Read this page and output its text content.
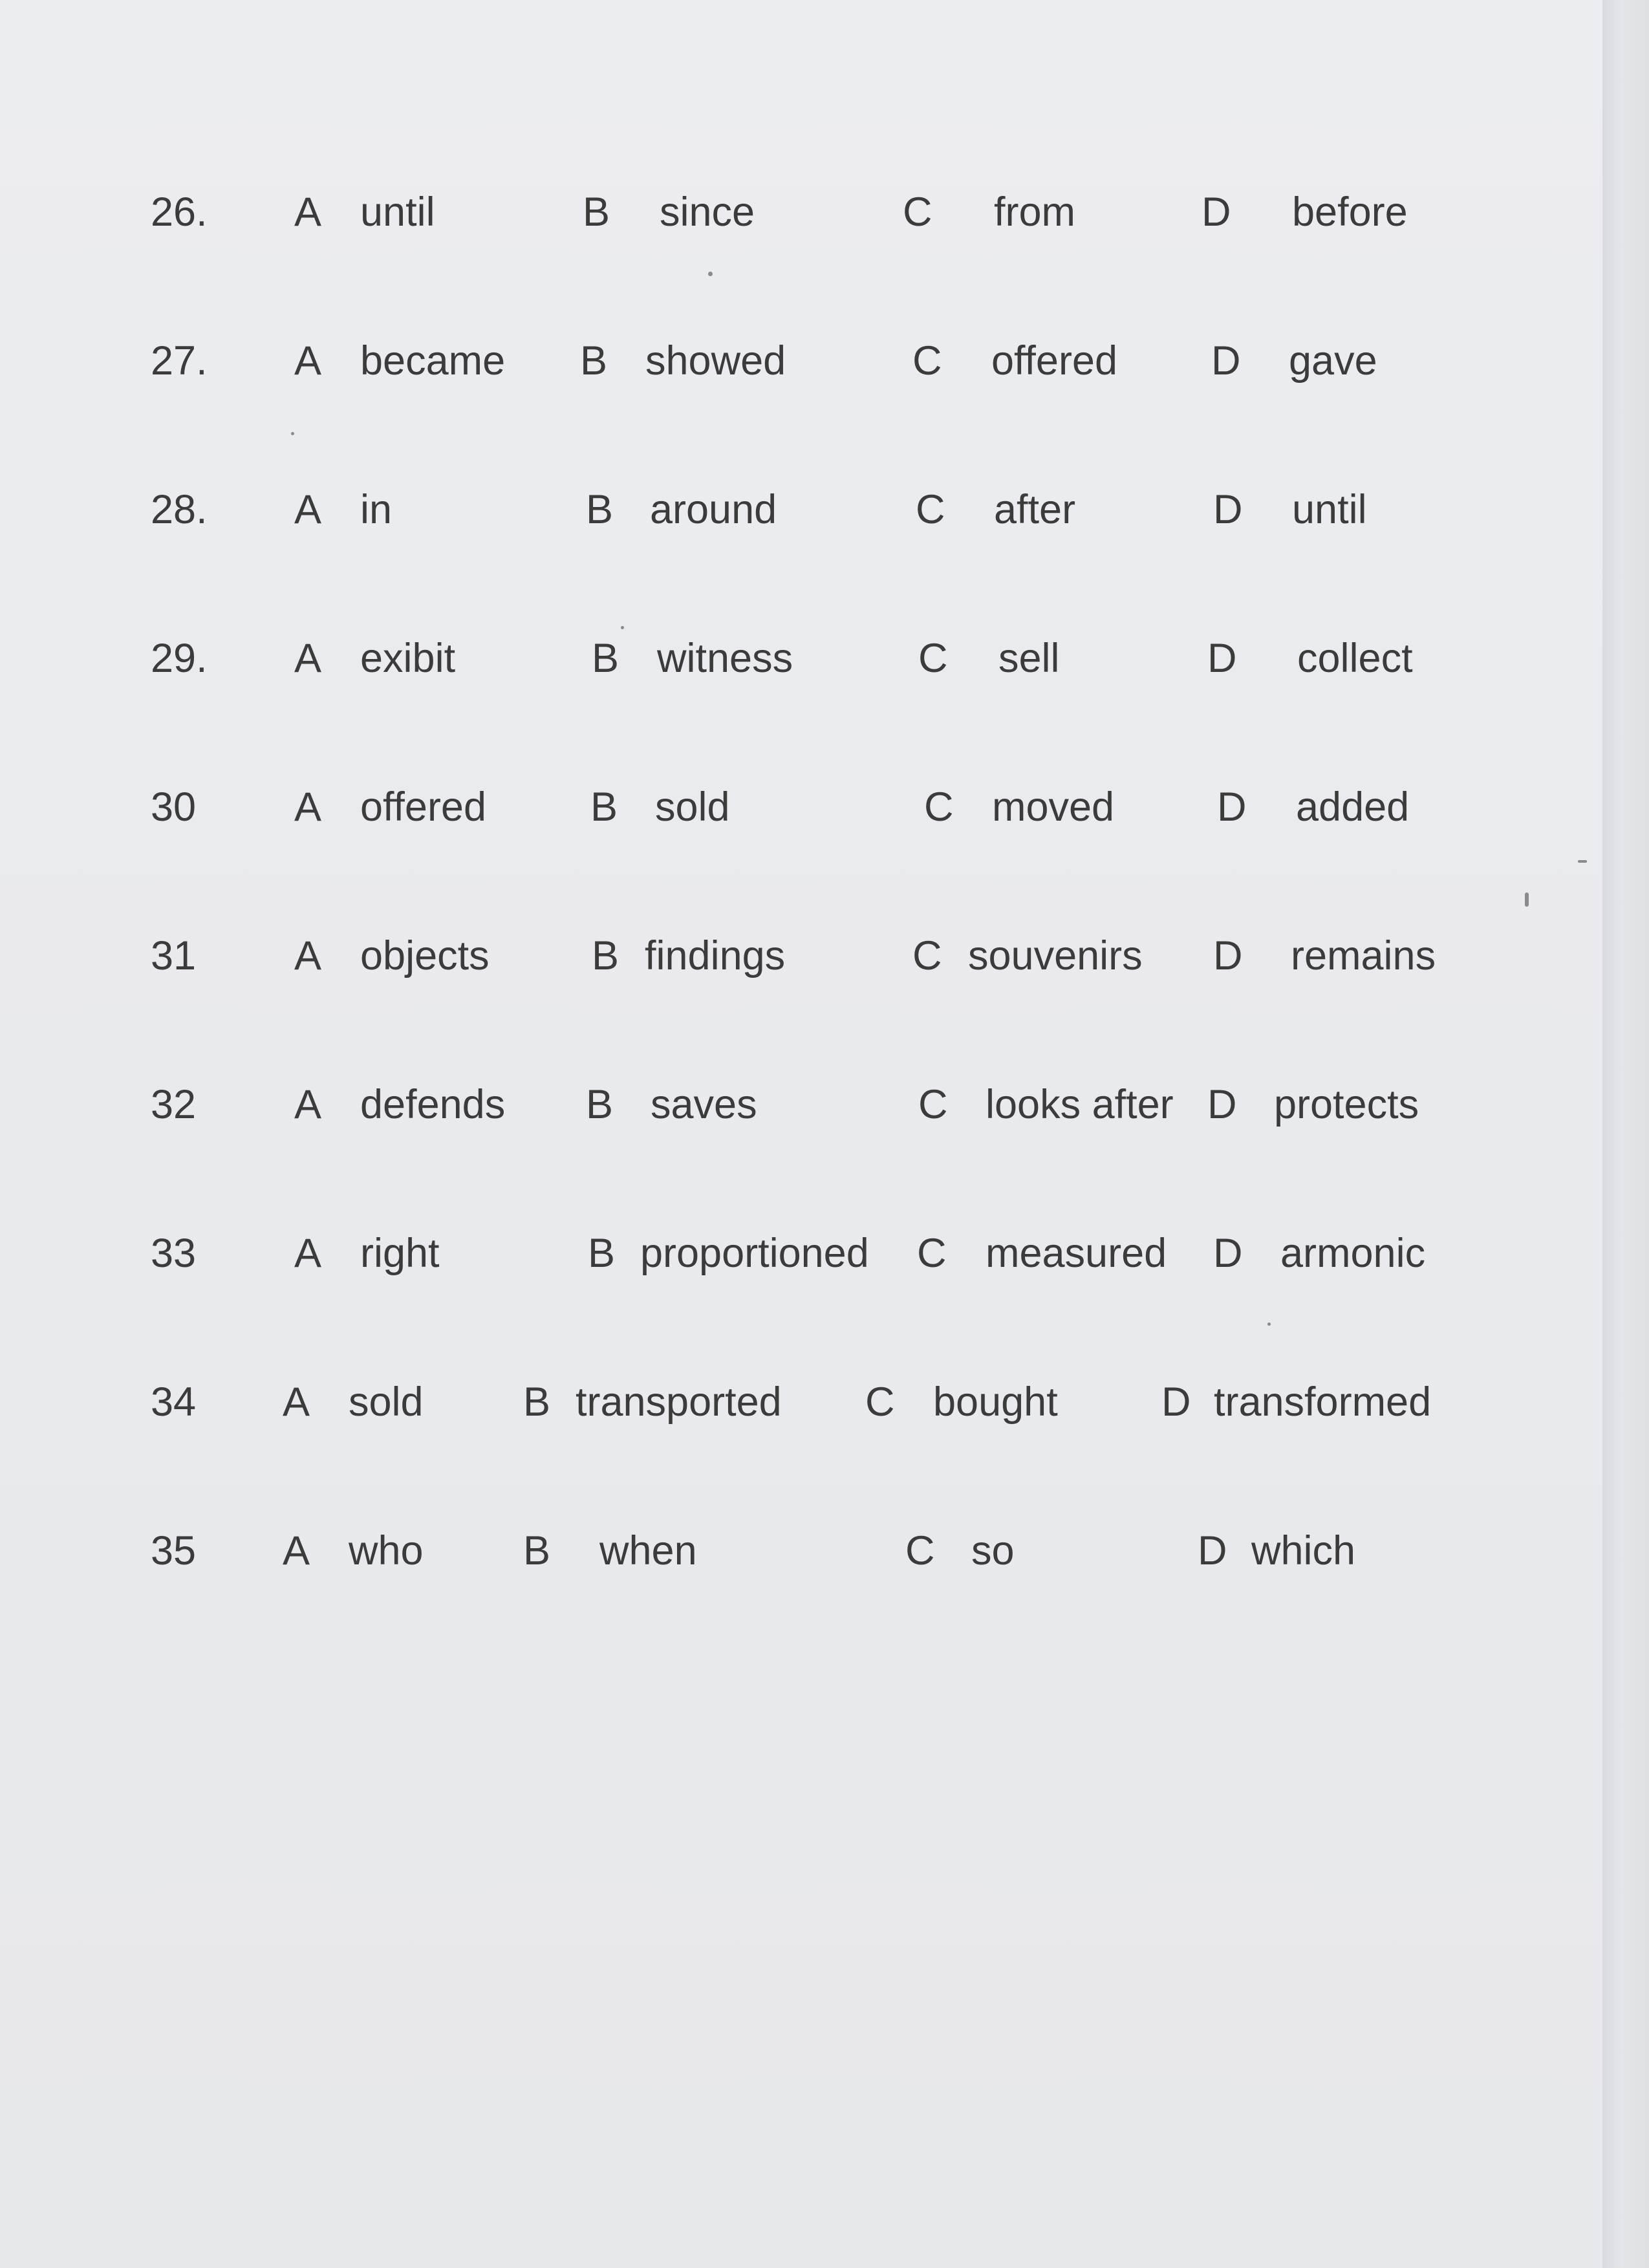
26. A until	B since	C from	D before
27. A became B showed	C offered D gave
28. A in	B around	C after	D until
29. A exibit	B witness	C sell	D collect
30 A offered	B sold	C moved	D added
31 A objects	B findings	C souvenirs D remains
32 A defends B saves	C looks after D protects
33 A right	B proportioned C measured D armonic
34 A sold B transported C bought	D transformed
35 A who B when	C so	D which
